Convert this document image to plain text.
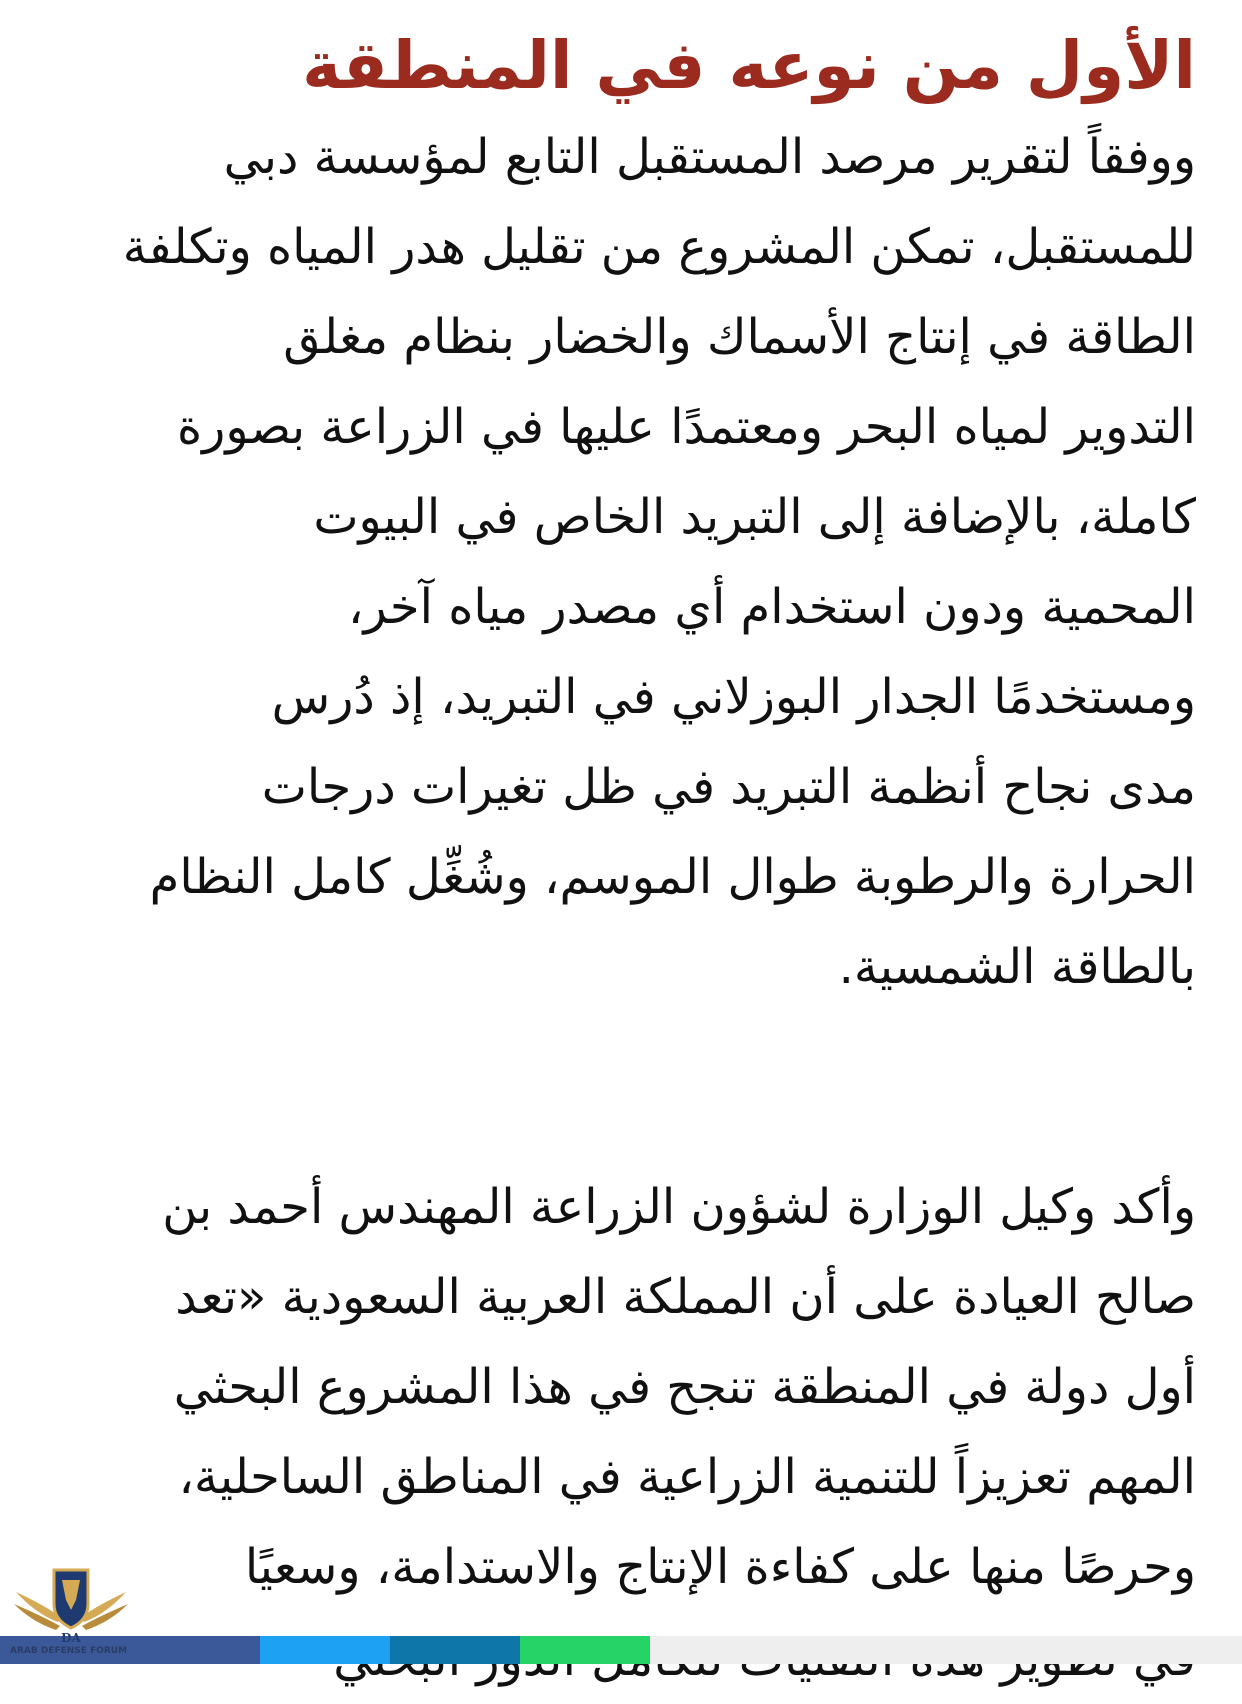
الأول من نوعه في المنطقة
ووفقاً لتقرير مرصد المستقبل التابع لمؤسسة دبي
للمستقبل، تمكن المشروع من تقليل هدر المياه وتكلفة
الطاقة في إنتاج الأسماك والخضار بنظام مغلق
التدوير لمياه البحر ومعتمدًا عليها في الزراعة بصورة
كاملة، بالإضافة إلى التبريد الخاص في البيوت
المحمية ودون استخدام أي مصدر مياه آخر،
ومستخدمًا الجدار البوزلاني في التبريد، إذ دُرس
مدى نجاح أنظمة التبريد في ظل تغيرات درجات
الحرارة والرطوبة طوال الموسم، وشُغِّل كامل النظام
بالطاقة الشمسية.
وأكد وكيل الوزارة لشؤون الزراعة المهندس أحمد بن
صالح العيادة على أن المملكة العربية السعودية «تعد
أول دولة في المنطقة تنجح في هذا المشروع البحثي
المهم تعزيزاً للتنمية الزراعية في المناطق الساحلية،
وحرصًا منها على كفاءة الإنتاج والاستدامة، وسعيًا
DA
ARAB DEFENSE FORUM
